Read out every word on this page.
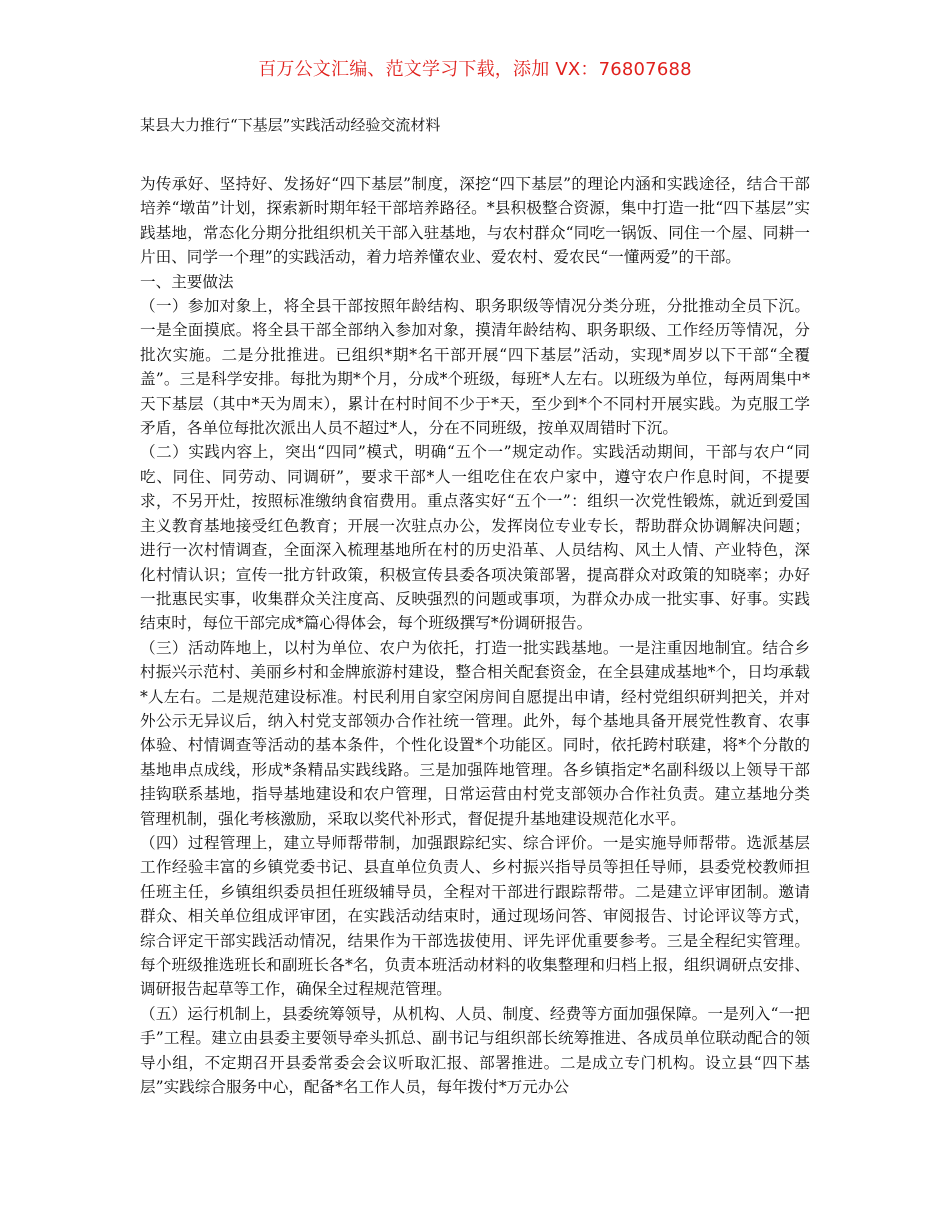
百万公文汇编、范文学习下载，添加 VX：76807688
某县大力推行“下基层”实践活动经验交流材料

为传承好、坚持好、发扬好“四下基层”制度，深挖“四下基层”的理论内涵和实践途径，结合干部培养“墩苗”计划，探索新时期年轻干部培养路径。*县积极整合资源，集中打造一批“四下基层”实践基地，常态化分期分批组织机关干部入驻基地，与农村群众“同吃一锅饭、同住一个屋、同耕一片田、同学一个理”的实践活动，着力培养懂农业、爱农村、爱农民“一懂两爱”的干部。

一、主要做法

（一）参加对象上，将全县干部按照年龄结构、职务职级等情况分类分班，分批推动全员下沉。一是全面摸底。将全县干部全部纳入参加对象，摸清年龄结构、职务职级、工作经历等情况，分批次实施。二是分批推进。已组织*期*名干部开展“四下基层”活动，实现*周岁以下干部“全覆盖”。三是科学安排。每批为期*个月，分成*个班级，每班*人左右。以班级为单位，每两周集中*天下基层（其中*天为周末），累计在村时间不少于*天，至少到*个不同村开展实践。为克服工学矛盾，各单位每批次派出人员不超过*人，分在不同班级，按单双周错时下沉。

（二）实践内容上，突出“四同”模式，明确“五个一”规定动作。实践活动期间，干部与农户“同吃、同住、同劳动、同调研”，要求干部*人一组吃住在农户家中，遵守农户作息时间，不提要求，不另开灶，按照标准缴纳食宿费用。重点落实好“五个一”：组织一次党性锻炼，就近到爱国主义教育基地接受红色教育；开展一次驻点办公，发挥岗位专业专长，帮助群众协调解决问题；进行一次村情调查，全面深入梳理基地所在村的历史沿革、人员结构、风土人情、产业特色，深化村情认识；宣传一批方针政策，积极宣传县委各项决策部署，提高群众对政策的知晓率；办好一批惠民实事，收集群众关注度高、反映强烈的问题或事项，为群众办成一批实事、好事。实践结束时，每位干部完成*篇心得体会，每个班级撰写*份调研报告。

（三）活动阵地上，以村为单位、农户为依托，打造一批实践基地。一是注重因地制宜。结合乡村振兴示范村、美丽乡村和金牌旅游村建设，整合相关配套资金，在全县建成基地*个，日均承载*人左右。二是规范建设标准。村民利用自家空闲房间自愿提出申请，经村党组织研判把关，并对外公示无异议后，纳入村党支部领办合作社统一管理。此外，每个基地具备开展党性教育、农事体验、村情调查等活动的基本条件，个性化设置*个功能区。同时，依托跨村联建，将*个分散的基地串点成线，形成*条精品实践线路。三是加强阵地管理。各乡镇指定*名副科级以上领导干部挂钩联系基地，指导基地建设和农户管理，日常运营由村党支部领办合作社负责。建立基地分类管理机制，强化考核激励，采取以奖代补形式，督促提升基地建设规范化水平。

（四）过程管理上，建立导师帮带制，加强跟踪纪实、综合评价。一是实施导师帮带。选派基层工作经验丰富的乡镇党委书记、县直单位负责人、乡村振兴指导员等担任导师，县委党校教师担任班主任，乡镇组织委员担任班级辅导员，全程对干部进行跟踪帮带。二是建立评审团制。邀请群众、相关单位组成评审团，在实践活动结束时，通过现场问答、审阅报告、讨论评议等方式，综合评定干部实践活动情况，结果作为干部选拔使用、评先评优重要参考。三是全程纪实管理。每个班级推选班长和副班长各*名，负责本班活动材料的收集整理和归档上报，组织调研点安排、调研报告起草等工作，确保全过程规范管理。

（五）运行机制上，县委统筹领导，从机构、人员、制度、经费等方面加强保障。一是列入“一把手”工程。建立由县委主要领导牵头抓总、副书记与组织部长统筹推进、各成员单位联动配合的领导小组，不定期召开县委常委会会议听取汇报、部署推进。二是成立专门机构。设立县“四下基层”实践综合服务中心，配备*名工作人员，每年拨付*万元办公
